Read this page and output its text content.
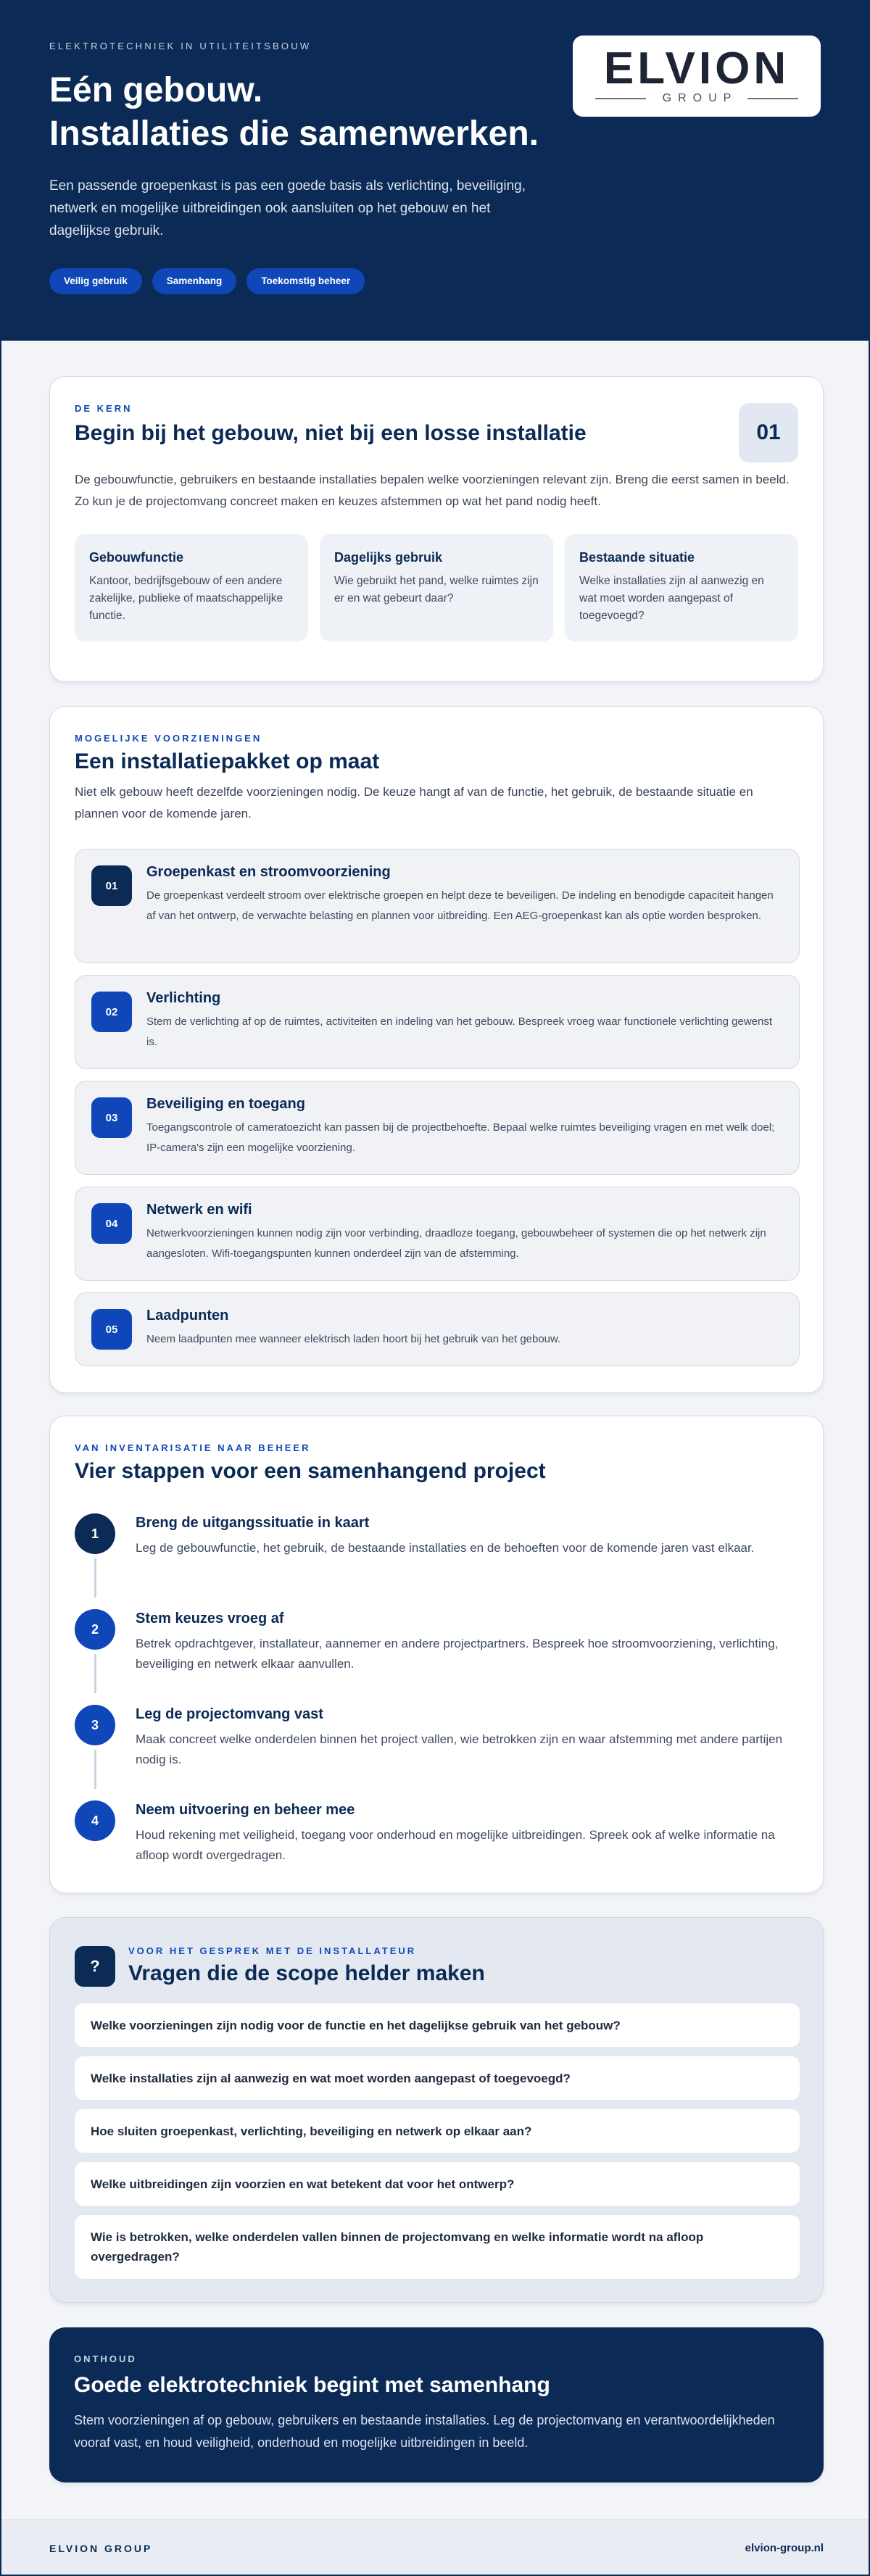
ELEKTROTECHNIEK IN UTILITEITSBOUW
Eén gebouw.
Installaties die samenwerken.

Een passende groepenkast is pas een goede basis als verlichting, beveiliging, netwerk en mogelijke uitbreidingen ook aansluiten op het gebouw en het dagelijkse gebruik.

Veilig gebruik	Samenhang	Toekomstig beheer
ELVION
GROUP
DE KERN
Begin bij het gebouw, niet bij een losse installatie	01

De gebouwfunctie, gebruikers en bestaande installaties bepalen welke voorzieningen relevant zijn. Breng die eerst samen in beeld. Zo kun je de projectomvang concreet maken en keuzes afstemmen op wat het pand nodig heeft.

Gebouwfunctie
Kantoor, bedrijfsgebouw of een andere zakelijke, publieke of maatschappelijke functie.
Dagelijks gebruik
Wie gebruikt het pand, welke ruimtes zijn er en wat gebeurt daar?
Bestaande situatie
Welke installaties zijn al aanwezig en wat moet worden aangepast of toegevoegd?
MOGELIJKE VOORZIENINGEN
Een installatiepakket op maat

Niet elk gebouw heeft dezelfde voorzieningen nodig. De keuze hangt af van de functie, het gebruik, de bestaande situatie en plannen voor de komende jaren.

01
Groepenkast en stroomvoorziening
De groepenkast verdeelt stroom over elektrische groepen en helpt deze te beveiligen. De indeling en benodigde capaciteit hangen af van het ontwerp, de verwachte belasting en plannen voor uitbreiding. Een AEG-groepenkast kan als optie worden besproken.
02
Verlichting
Stem de verlichting af op de ruimtes, activiteiten en indeling van het gebouw. Bespreek vroeg waar functionele verlichting gewenst is.
03
Beveiliging en toegang
Toegangscontrole of cameratoezicht kan passen bij de projectbehoefte. Bepaal welke ruimtes beveiliging vragen en met welk doel; IP-camera's zijn een mogelijke voorziening.
04
Netwerk en wifi
Netwerkvoorzieningen kunnen nodig zijn voor verbinding, draadloze toegang, gebouwbeheer of systemen die op het netwerk zijn aangesloten. Wifi-toegangspunten kunnen onderdeel zijn van de afstemming.
05
Laadpunten
Neem laadpunten mee wanneer elektrisch laden hoort bij het gebruik van het gebouw.
VAN INVENTARISATIE NAAR BEHEER
Vier stappen voor een samenhangend project
1
Breng de uitgangssituatie in kaart
Leg de gebouwfunctie, het gebruik, de bestaande installaties en de behoeften voor de komende jaren vast elkaar.
2
Stem keuzes vroeg af
Betrek opdrachtgever, installateur, aannemer en andere projectpartners. Bespreek hoe stroomvoorziening, verlichting, beveiliging en netwerk elkaar aanvullen.
3
Leg de projectomvang vast
Maak concreet welke onderdelen binnen het project vallen, wie betrokken zijn en waar afstemming met andere partijen nodig is.
4
Neem uitvoering en beheer mee
Houd rekening met veiligheid, toegang voor onderhoud en mogelijke uitbreidingen. Spreek ook af welke informatie na afloop wordt overgedragen.
?
VOOR HET GESPREK MET DE INSTALLATEUR
Vragen die de scope helder maken
Welke voorzieningen zijn nodig voor de functie en het dagelijkse gebruik van het gebouw?
Welke installaties zijn al aanwezig en wat moet worden aangepast of toegevoegd?
Hoe sluiten groepenkast, verlichting, beveiliging en netwerk op elkaar aan?
Welke uitbreidingen zijn voorzien en wat betekent dat voor het ontwerp?
Wie is betrokken, welke onderdelen vallen binnen de projectomvang en welke informatie wordt na afloop overgedragen?
ONTHOUD
Goede elektrotechniek begint met samenhang

Stem voorzieningen af op gebouw, gebruikers en bestaande installaties. Leg de projectomvang en verantwoordelijkheden vooraf vast, en houd veiligheid, onderhoud en mogelijke uitbreidingen in beeld.

ELVION GROUP	elvion-group.nl
